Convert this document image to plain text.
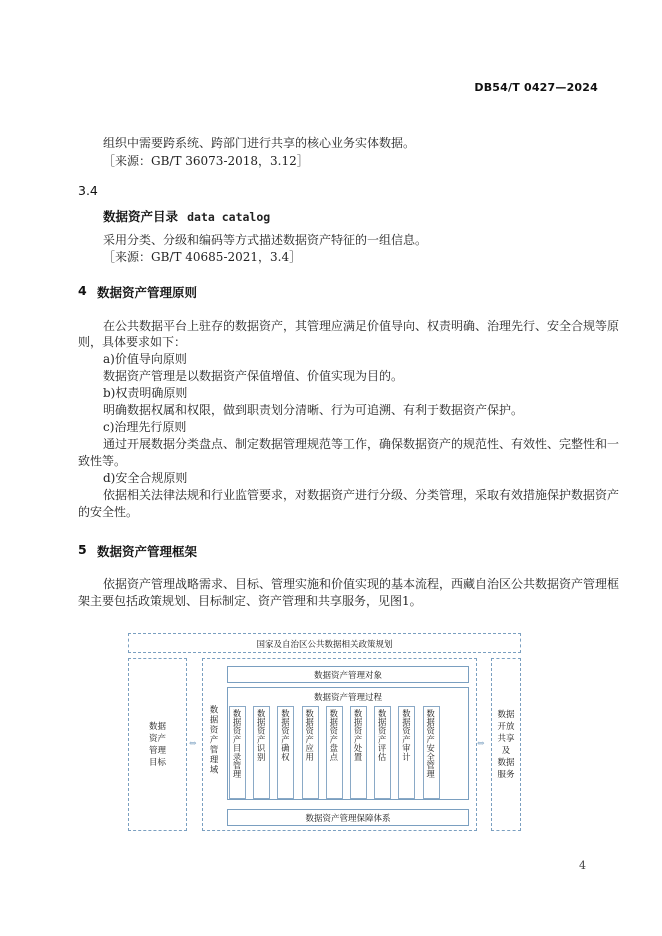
DB54/T 0427—2024
组织中需要跨系统、跨部门进行共享的核心业务实体数据。
［来源：GB/T 36073-2018，3.12］
3.4
数据资产目录 data catalog
采用分类、分级和编码等方式描述数据资产特征的一组信息。
［来源：GB/T 40685-2021，3.4］
4 数据资产管理原则
在公共数据平台上驻存的数据资产，其管理应满足价值导向、权责明确、治理先行、安全合规等原
则，具体要求如下：
a)价值导向原则
数据资产管理是以数据资产保值增值、价值实现为目的。
b)权责明确原则
明确数据权属和权限，做到职责划分清晰、行为可追溯、有利于数据资产保护。
c)治理先行原则
通过开展数据分类盘点、制定数据管理规范等工作，确保数据资产的规范性、有效性、完整性和一
致性等。
d)安全合规原则
依据相关法律法规和行业监管要求，对数据资产进行分级、分类管理，采取有效措施保护数据资产
的安全性。
5 数据资产管理框架
依据资产管理战略需求、目标、管理实施和价值实现的基本流程，西藏自治区公共数据资产管理框
架主要包括政策规划、目标制定、资产管理和共享服务，见图1。
国家及自治区公共数据相关政策规划
数据
资产
管理
目标
数据
开放
共享
及
数据
服务
⇔	⇔
数据资产管理域
数据资产管理对象
数据资产管理过程
数据资产目录管理 数据资产识别 数据资产确权 数据资产应用 数据资产盘点 数据资产处置 数据资产评估 数据资产审计 数据资产安全管理
数据资产管理保障体系
4
